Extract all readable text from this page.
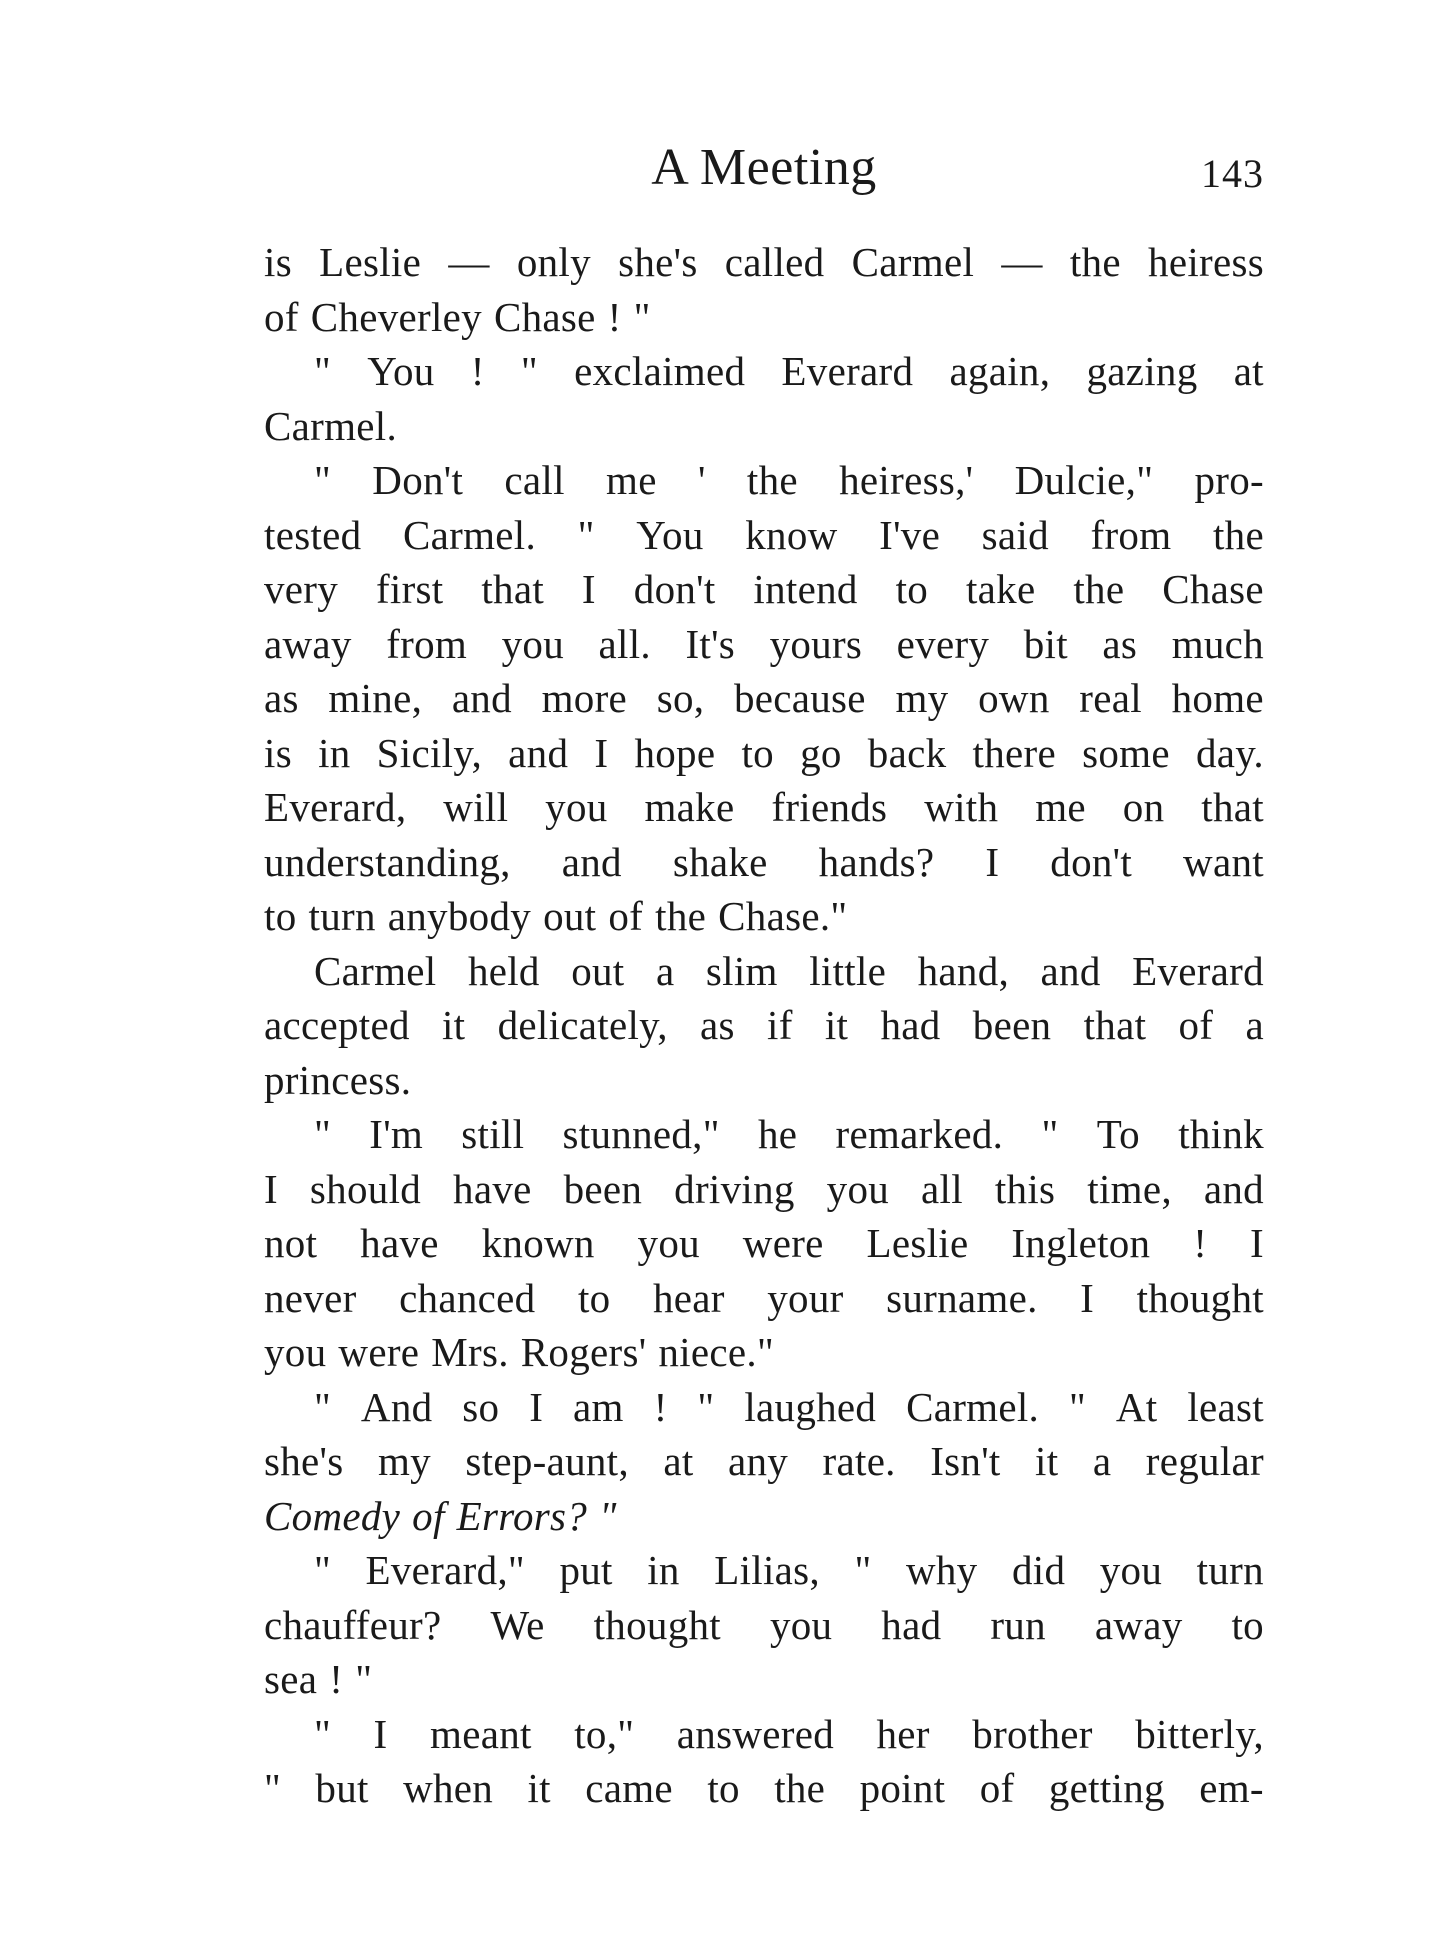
A Meeting	143
is Leslie — only she's called Carmel — the heiress
of Cheverley Chase ! "
" You ! " exclaimed Everard again, gazing at
Carmel.
" Don't call me ' the heiress,' Dulcie," pro-
tested Carmel. " You know I've said from the
very first that I don't intend to take the Chase
away from you all. It's yours every bit as much
as mine, and more so, because my own real home
is in Sicily, and I hope to go back there some day.
Everard, will you make friends with me on that
understanding, and shake hands? I don't want
to turn anybody out of the Chase."
Carmel held out a slim little hand, and Everard
accepted it delicately, as if it had been that of a
princess.
" I'm still stunned," he remarked. " To think
I should have been driving you all this time, and
not have known you were Leslie Ingleton ! I
never chanced to hear your surname. I thought
you were Mrs. Rogers' niece."
" And so I am ! " laughed Carmel. " At least
she's my step-aunt, at any rate. Isn't it a regular
Comedy of Errors? "
" Everard," put in Lilias, " why did you turn
chauffeur? We thought you had run away to
sea ! "
" I meant to," answered her brother bitterly,
" but when it came to the point of getting em-
